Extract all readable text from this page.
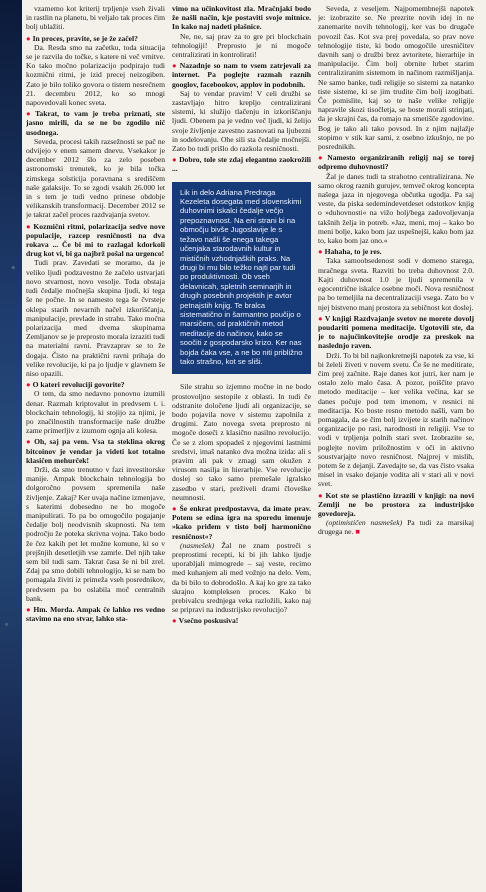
vzamemo kot kriterij trpljenje vseh živali in rastlin na planetu, bi veljalo tak proces čim bolj ublažiti.

● In proces, pravite, se je že začel?

Da. Resda smo na začetku, toda situacija se je razvila do točke, s katere ni več vrnitve. Ko tako močno polarizacijo podpirajo tudi kozmični ritmi, je izid precej neizogiben. Zato je bilo toliko govora o tistem nesrečnem 21. decembru 2012, ko so mnogi napovedovali konec sveta.

● Takrat, to vam je treba priznati, ste jasno mirili, da se ne bo zgodilo nič usodnega.

Seveda, procesi takih razsežnosti se pač ne odvijejo v enem samem dnevu. Vsekakor je december 2012 šlo za zelo poseben astronomski trenutek, ko je bila točka zimskega solsticija poravnana s središčem naše galaksije. To se zgodi vsakih 26.000 let in s tem je tudi vedno prinese obdobje velikanskih transformacij. December 2012 se je takrat začel proces razdvajanja svetov.

● Kozmični ritmi, polarizacija sedve nove populacije, razcep resničnosti na dva rokava ... Če bi mi to razlagal kdorkoli drug kot vi, bi ga najbrž pošal na urgenco!

Tudi prav. Zavedati se moramo, da je veliko ljudi podzavestno že začelo ustvarjati novo stvarnost, novo vesolje. Toda obstaja tudi čedalje močnejša skupina ljudi, ki tega še ne počne. In se namesto tega še čvrsteje oklepa starih nevarnih načel izkoriščanja, manipulacije, prevlade in strahu. Tako močna polarizacija med dvema skupinama Zemljanov se je preprosto morala izraziti tudi na materialni ravni. Pravzaprav se to že dogaja. Čisto na praktični ravni prihaja do velike revolucije, ki pa jo ljudje v glavnem še niso opazili.

● O kateri revoluciji govorite?

O tem, da smo nedavno ponovno izumili denar. Razmah kriptovalut in predvsem t. i. blockchain tehnologij, ki stojijo za njimi, je po značilnostih transformacije naše družbe zame primerljiv z izumom ognja ali kolesa.

● Oh, saj pa vem. Vsa ta steklina okrog bitcoinov je vendar ja videti kot totalno klasičen mehurček!

Drži, da smo trenutno v fazi investitorske manije. Ampak blockchain tehnologija bo dolgoročno povsem spremenila naše življenje. Zakaj? Ker uvaja načine izmenjave, s katerimi dobesedno ne bo mogoče manipulirati. To pa bo omogočilo pogajanje čedalje bolj neodvisnih skupnosti. Na tem področju že poteka skrivna vojna. Tako bodo že čez kakih pet let možne komune, ki so v prejšnjih desetletjih vse zamrle. Del njih take sem bil tudi sam. Takrat časa še ni bil zrel. Zdaj pa smo dobili tehnologijo, ki se nam bo pomagala živiti iz primeža vseh posrednikov, predvsem pa bo oslabila moč centralnih bank.

● Hm. Morda. Ampak če lahko res vedno stavimo na eno stvar, lahko sta-

vimo na učinkovitost zla. Mračnjaki bodo že našli način, kje postaviti svoje mitnice. In kako naj nadeti plašnice.

Ne, ne, saj prav za to gre pri blockchain tehnologiji! Preprosto je ni mogoče centralizirati in kontrolirati!

● Nazadnje so nam to vsem zatrjevali za internet. Pa poglejte razmah raznih googlov, facebookov, applov in podobnih.

Saj to vendar pravim! V celi družbi se zastavljajo hitro krepljo centralizirani sistemi, ki služijo tlačenju in izkoriščanju ljudi. Obenem pa je vedno več ljudi, ki želijo svoje življenje zavestno zasnovati na ljubezni in sodelovanju. Ohe sili sta čedalje močnejši. Zato bo tudi prišlo do razkola resničnosti.

● Dobro, tole ste zdaj elegantno zaokrožili ...

Lik in delo Adriana Predraga Kezeleta dosegata med slovenskimi duhovnimi iskalci čedalje večjo prepoznavnost. Na eni strani bi na območju bivše Jugoslavije le s težavo našli še enega takega učenjaka starodavnih kultur in mističnih vzhodnjaških praks. Na drugi bi mu bilo težko najti par tudi po produktivnosti. Ob vseh delavnicah, spletnih seminarjih in drugih posebnih projektih je avtor petnajstih knjig. Te bralca sistematično in šarmantno poučijo o marsičem, od praktičnih metod meditacije do načinov, kako se soočiti z gospodarsko krizo. Ker nas bojda čaka vse, a ne bo niti približno tako strašno, kot se sliši.

Sile strahu so izjemno močne in ne bodo prostovoljno sestopile z oblasti. In tudi če odstranite določene ljudi ali organizacije, se bodo pojavila nove v sistemu zapolnila z drugimi. Zato novega sveta preprosto ni mogoče doseči z klasično nasilno revolucijo. Če se z zlom spopadeš z njegovimi lastnimi sredstvi, imaš natanko dva možna izida: ali s pravim ali pak v zmagi sam okužen z virusom nasilja in hierarhije. Vse revolucije doslej so tako samo premešale igralsko zasedbo v stari, preživeli drami človeške neumnosti.

● Še enkrat predpostavva, da imate prav. Potem se edina igra na sporedu imenuje »kako priđem v tisto bolj harmonično resničnost«?

(nasmešek) Žal ne znam postreči s preprostimi recepti, ki bi jih lahko ljudje uporabljali mimogrede – saj veste, recimo med kuhanjem ali med vožnjo na delo. Vem, da bi bilo to dobrodošlo. A kaj ko gre za tako skrajno kompleksen proces. Kako bi prebivalcu srednjega veka razložili, kako naj se pripravi na industrijsko revolucijo?

● Vsečno poskusiva!

Seveda, z veseljem. Najpomembnejši napotek je: izobrazite se. Ne prezrite novih idej in ne zanemarite novih tehnologij, ker vas bo drugače povozil čas. Kot sva prej povedala, so prav nove tehnologije tiste, ki bodo omogočile uresničitev davnih sanj o družbi brez avtoritete, hierarhije in manipulacije. Čim bolj obrnite hrbet starim centraliziranim sistemom in načinom razmišljanja. Ne samo banke, tudi religije so sistemi za natanko tiste sisteme, ki se jim trudite čim bolj izogibati. Če pomislite, kaj so te naše velike religije napravile skozi tisočletja, se boste morali strinjati, da je skrajni čas, da romajo na smetišče zgodovine. Bog je tako ali tako povsod. In z njim najlažje stopimo v stik kar sami, z osebno izkušnjo, ne po posrednikih.

● Namesto organiziranih religij naj se torej odpremo duhovnosti?

Žal je danes tudi ta strahotno centralizirana. Ne samo okrog raznih gurujev, temveč okrog koncepta našega jaza in njegovega občutka ugodja. Pa saj veste, da piska sedemindevetdeset odstotkov knjig o »duhovnosti« na vižo bolj/bega zadovoljevanja takšnih želja in potreb. »Jaz, meni, moj – kako bo meni bolje, kako bom jaz uspešnejši, kako bom jaz to, kako bom jaz ono.«

● Hahaha, to je res.

Taka samoobsedenost sodi v domeno starega, mračnega sveta. Razviti bo treba duhovnost 2.0. Kajti duhovnost 1.0 je ljudi spremenila v egocentrične iskalce osebne moči. Nova resničnost pa bo temeljila na decentralizaciji vsega. Zato bo v njej bistveno manj prostora za sebičnost kot doslej.

● V knjigi Razdvajanje svetov ne morete dovolj poudariti pomena meditacije. Ugotovili ste, da je to najučinkovitejše orodje za preskok na naslednjo raven.

Drži. To bi bil najkonkretnejši napotek za vse, ki bi želeli živeti v novem svetu. Če še ne meditirate, čim prej začnite. Raje danes kot jutri, ker nam je ostalo zelo malo časa. A pozor, poiščite pravo metodo meditacije – ker velika večina, kar se danes počuje pod tem imenom, v resnici ni meditacija. Ko boste resno metodo našli, vam bo pomagala, da se čim bolj izvijete iz starih načinov organizacije po rasi, narodnosti in religiji. Vse to vodi v trpljenja polnih stari svet. Izobrazite se, poglejte novim priložnostim v oči in aktivno soustvarjajte novo resničnost. Najprej v mislih, potem še z dejanji. Zavedajte se, da vas čisto vsaka misel in vsako dejanje vodita ali v stari ali v novi svet.

● Kot ste se plastično izrazili v knjigi: na novi Zemlji ne bo prostora za industrijsko govedoreja.

(optimističen nasmešek) Pa tudi za marsikaj drugega ne. ■
